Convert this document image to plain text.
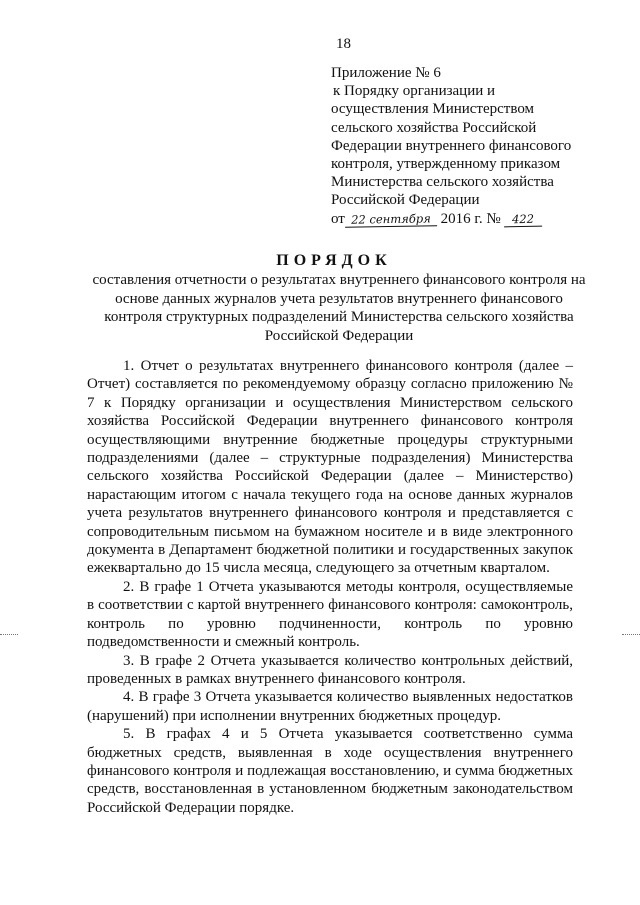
18
Приложение № 6
к Порядку организации и
осуществления Министерством
сельского хозяйства Российской
Федерации внутреннего финансового
контроля, утвержденному приказом
Министерства сельского хозяйства
Российской Федерации
от 22 сентября 2016 г. № 422
ПОРЯДОК
составления отчетности о результатах внутреннего финансового контроля на основе данных журналов учета результатов внутреннего финансового контроля структурных подразделений Министерства сельского хозяйства Российской Федерации

1. Отчет о результатах внутреннего финансового контроля (далее – Отчет) составляется по рекомендуемому образцу согласно приложению № 7 к Порядку организации и осуществления Министерством сельского хозяйства Российской Федерации внутреннего финансового контроля осуществляющими внутренние бюджетные процедуры структурными подразделениями (далее – структурные подразделения) Министерства сельского хозяйства Российской Федерации (далее – Министерство) нарастающим итогом с начала текущего года на основе данных журналов учета результатов внутреннего финансового контроля и представляется с сопроводительным письмом на бумажном носителе и в виде электронного документа в Департамент бюджетной политики и государственных закупок ежеквартально до 15 числа месяца, следующего за отчетным кварталом.

2. В графе 1 Отчета указываются методы контроля, осуществляемые в соответствии с картой внутреннего финансового контроля: самоконтроль, контроль по уровню подчиненности, контроль по уровню подведомственности и смежный контроль.

3. В графе 2 Отчета указывается количество контрольных действий, проведенных в рамках внутреннего финансового контроля.

4. В графе 3 Отчета указывается количество выявленных недостатков (нарушений) при исполнении внутренних бюджетных процедур.

5. В графах 4 и 5 Отчета указывается соответственно сумма бюджетных средств, выявленная в ходе осуществления внутреннего финансового контроля и подлежащая восстановлению, и сумма бюджетных средств, восстановленная в установленном бюджетным законодательством Российской Федерации порядке.
